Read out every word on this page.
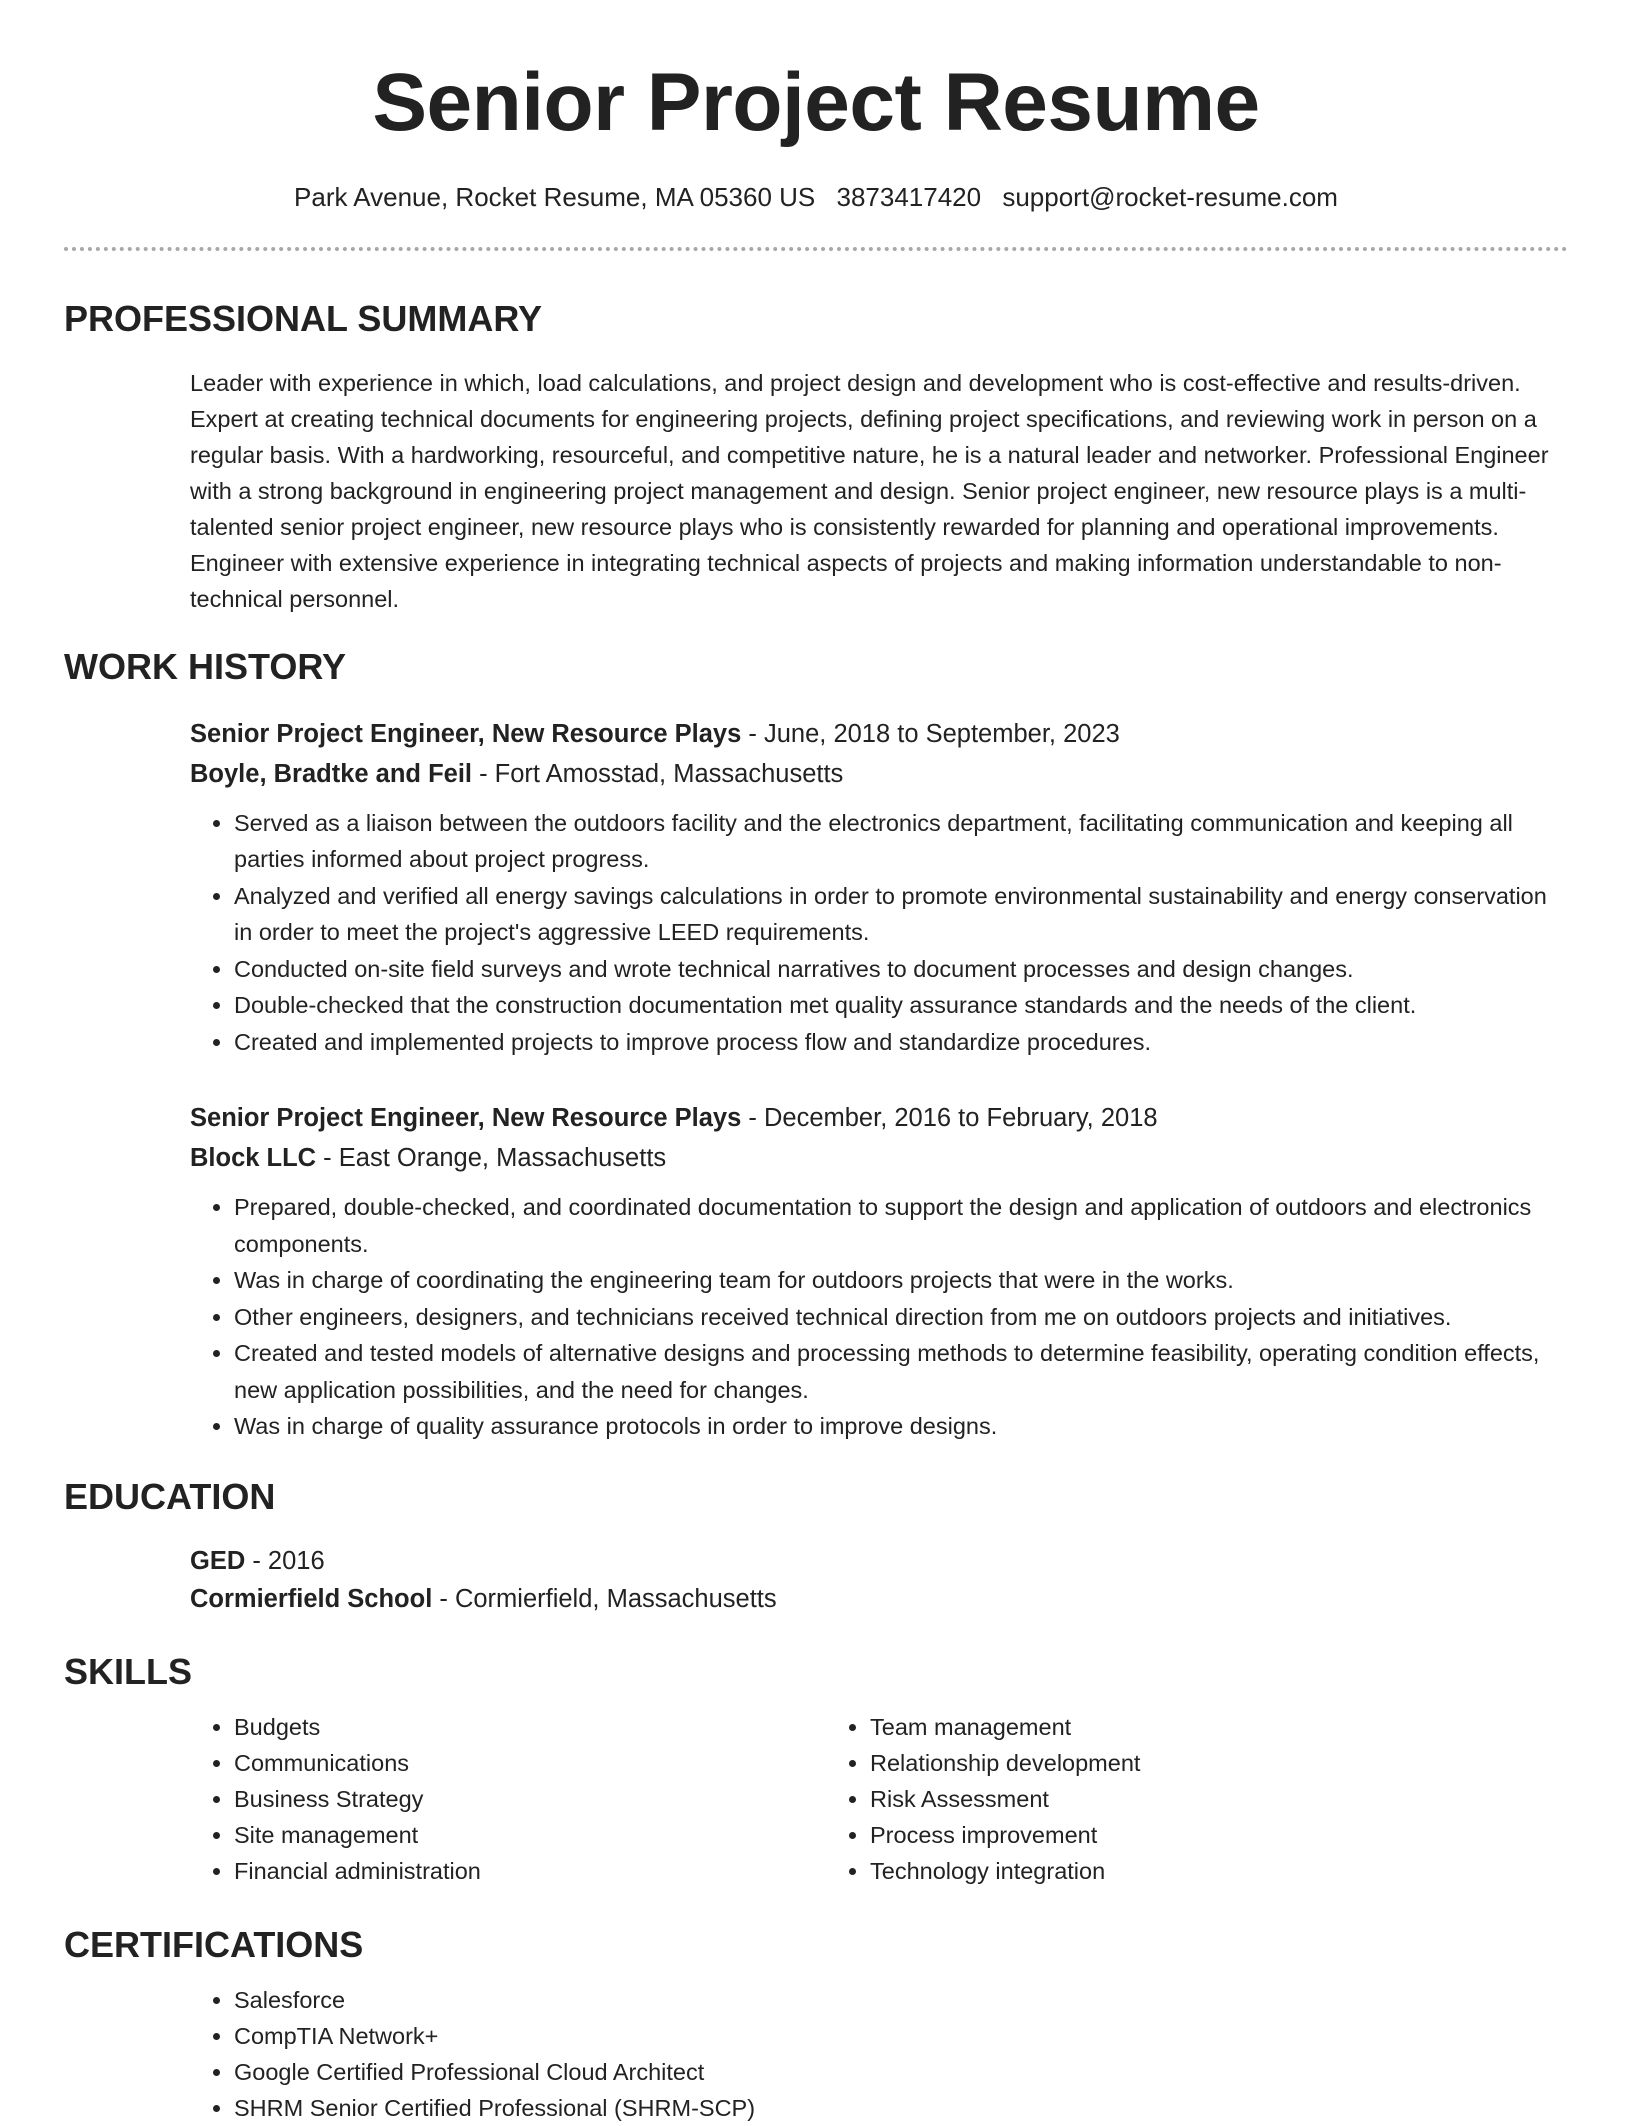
Senior Project Resume
Park Avenue, Rocket Resume, MA 05360 US 3873417420 support@rocket-resume.com
PROFESSIONAL SUMMARY
Leader with experience in which, load calculations, and project design and development who is cost-effective and results-driven. Expert at creating technical documents for engineering projects, defining project specifications, and reviewing work in person on a regular basis. With a hardworking, resourceful, and competitive nature, he is a natural leader and networker. Professional Engineer with a strong background in engineering project management and design. Senior project engineer, new resource plays is a multi-talented senior project engineer, new resource plays who is consistently rewarded for planning and operational improvements. Engineer with extensive experience in integrating technical aspects of projects and making information understandable to non-technical personnel.
WORK HISTORY
Senior Project Engineer, New Resource Plays - June, 2018 to September, 2023
Boyle, Bradtke and Feil - Fort Amosstad, Massachusetts
• Served as a liaison between the outdoors facility and the electronics department, facilitating communication and keeping all parties informed about project progress.
• Analyzed and verified all energy savings calculations in order to promote environmental sustainability and energy conservation in order to meet the project's aggressive LEED requirements.
• Conducted on-site field surveys and wrote technical narratives to document processes and design changes.
• Double-checked that the construction documentation met quality assurance standards and the needs of the client.
• Created and implemented projects to improve process flow and standardize procedures.
Senior Project Engineer, New Resource Plays - December, 2016 to February, 2018
Block LLC - East Orange, Massachusetts
• Prepared, double-checked, and coordinated documentation to support the design and application of outdoors and electronics components.
• Was in charge of coordinating the engineering team for outdoors projects that were in the works.
• Other engineers, designers, and technicians received technical direction from me on outdoors projects and initiatives.
• Created and tested models of alternative designs and processing methods to determine feasibility, operating condition effects, new application possibilities, and the need for changes.
• Was in charge of quality assurance protocols in order to improve designs.
EDUCATION
GED - 2016
Cormierfield School - Cormierfield, Massachusetts
SKILLS
• Budgets
• Communications
• Business Strategy
• Site management
• Financial administration
• Team management
• Relationship development
• Risk Assessment
• Process improvement
• Technology integration
CERTIFICATIONS
• Salesforce
• CompTIA Network+
• Google Certified Professional Cloud Architect
• SHRM Senior Certified Professional (SHRM-SCP)
